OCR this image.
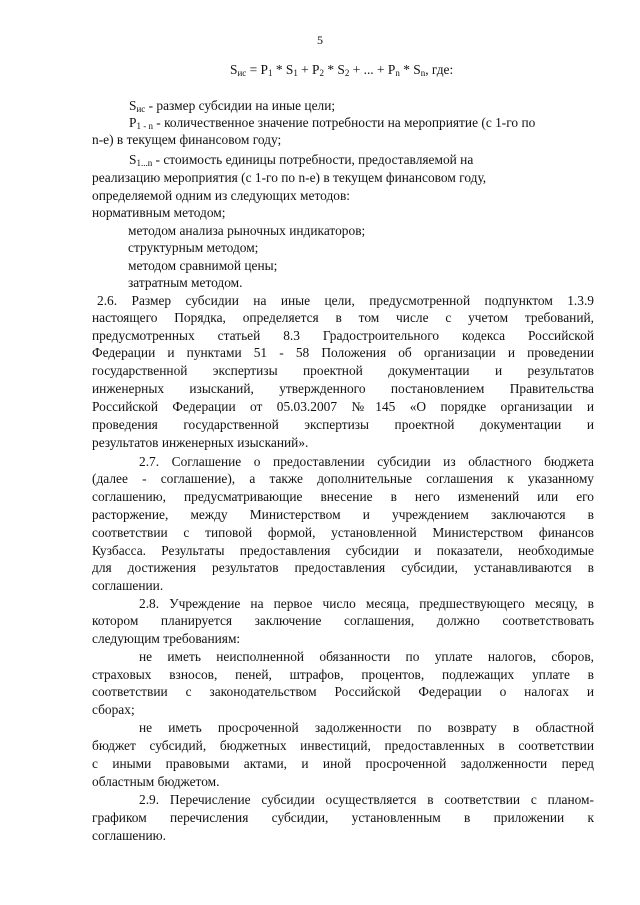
5
$S_{ис} = P_1 * S_1 + P_2 * S_2$ + ... + $P_n * S_n$, где:
$S_{ис}$ - размер субсидии на иные цели;
$P_{1 - n}$ - количественное значение потребности на мероприятие (с 1-го по
n-е) в текущем финансовом году;
$S_{1...n}$ - стоимость единицы потребности, предоставляемой на
реализацию мероприятия (с 1-го по n-е) в текущем финансовом году,
определяемой одним из следующих методов:
нормативным методом;
методом анализа рыночных индикаторов;
структурным методом;
методом сравнимой цены;
затратным методом.
2.6. Размер субсидии на иные цели, предусмотренной подпунктом 1.3.9
настоящего Порядка, определяется в том числе с учетом требований,
предусмотренных статьей 8.3 Градостроительного кодекса Российской
Федерации и пунктами 51 - 58 Положения об организации и проведении
государственной экспертизы проектной документации и результатов
инженерных изысканий, утвержденного постановлением Правительства
Российской Федерации от 05.03.2007 №145 «О порядке организации и
проведения государственной экспертизы проектной документации и
результатов инженерных изысканий».
2.7. Соглашение о предоставлении субсидии из областного бюджета
(далее - соглашение), а также дополнительные соглашения к указанному
соглашению, предусматривающие внесение в него изменений или его
расторжение, между Министерством и учреждением заключаются в
соответствии с типовой формой, установленной Министерством финансов
Кузбасса. Результаты предоставления субсидии и показатели, необходимые
для достижения результатов предоставления субсидии, устанавливаются в
соглашении.
2.8. Учреждение на первое число месяца, предшествующего месяцу, в
котором планируется заключение соглашения, должно соответствовать
следующим требованиям:
не иметь неисполненной обязанности по уплате налогов, сборов,
страховых взносов, пеней, штрафов, процентов, подлежащих уплате в
соответствии с законодательством Российской Федерации о налогах и
сборах;
не иметь просроченной задолженности по возврату в областной
бюджет субсидий, бюджетных инвестиций, предоставленных в соответствии
с иными правовыми актами, и иной просроченной задолженности перед
областным бюджетом.
2.9. Перечисление субсидии осуществляется в соответствии с планом-
графиком перечисления субсидии, установленным в приложении к
соглашению.
